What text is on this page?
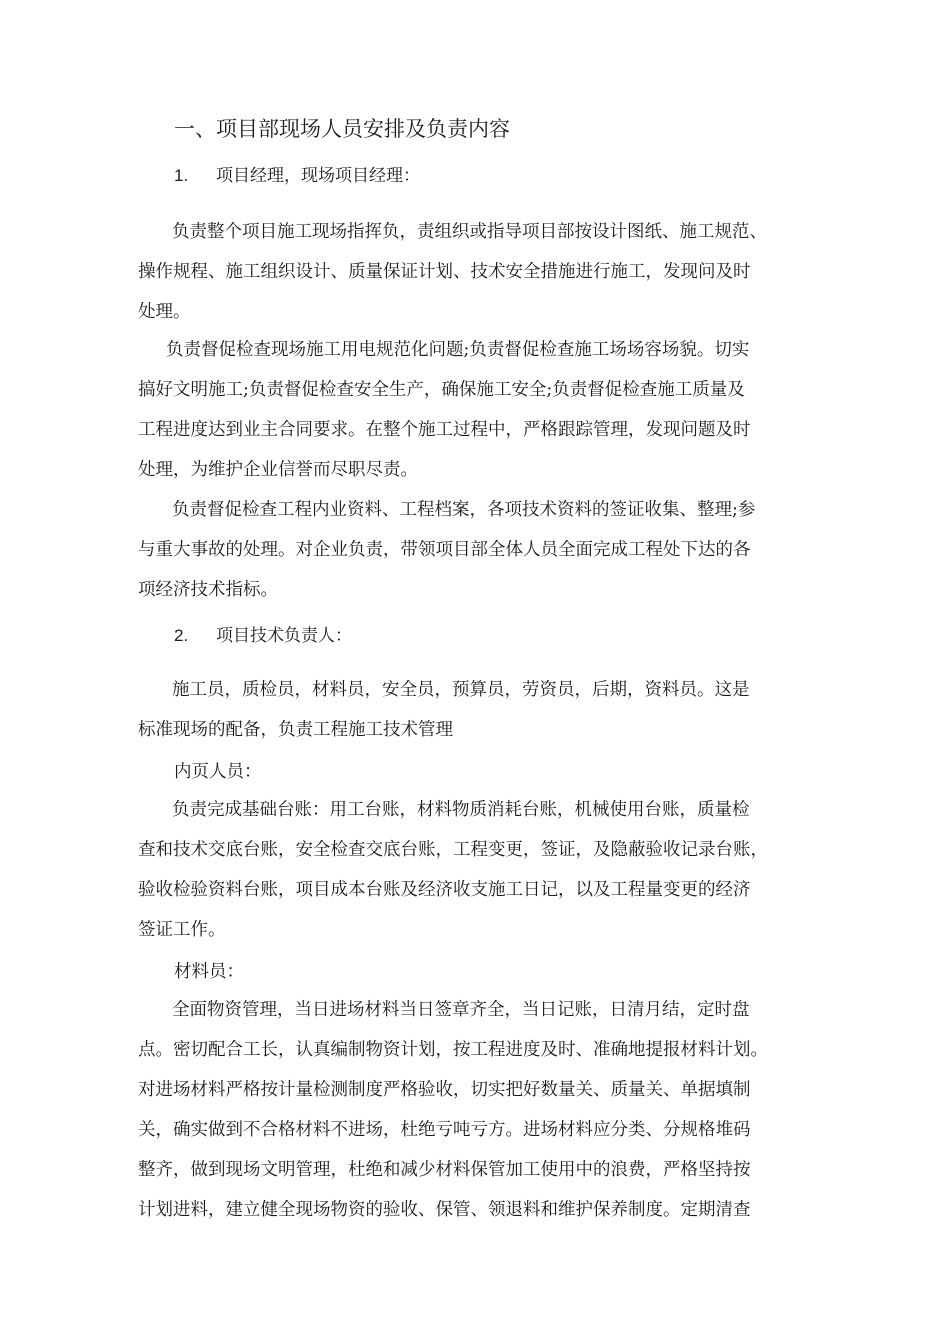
一、项目部现场人员安排及负责内容
1. 项目经理，现场项目经理：
负责整个项目施工现场指挥负，责组织或指导项目部按设计图纸、施工规范、
操作规程、施工组织设计、质量保证计划、技术安全措施进行施工，发现问及时
处理。
负责督促检查现场施工用电规范化问题;负责督促检查施工场场容场貌。切实
搞好文明施工;负责督促检查安全生产，确保施工安全;负责督促检查施工质量及
工程进度达到业主合同要求。在整个施工过程中，严格跟踪管理，发现问题及时
处理，为维护企业信誉而尽职尽责。
负责督促检查工程内业资料、工程档案，各项技术资料的签证收集、整理;参
与重大事故的处理。对企业负责，带领项目部全体人员全面完成工程处下达的各
项经济技术指标。
2. 项目技术负责人：
施工员，质检员，材料员，安全员，预算员，劳资员，后期，资料员。这是
标准现场的配备，负责工程施工技术管理
内页人员：
负责完成基础台账：用工台账，材料物质消耗台账，机械使用台账，质量检
查和技术交底台账，安全检查交底台账，工程变更，签证，及隐蔽验收记录台账，
验收检验资料台账，项目成本台账及经济收支施工日记，以及工程量变更的经济
签证工作。
材料员：
全面物资管理，当日进场材料当日签章齐全，当日记账，日清月结，定时盘
点。密切配合工长，认真编制物资计划，按工程进度及时、准确地提报材料计划。
对进场材料严格按计量检测制度严格验收，切实把好数量关、质量关、单据填制
关，确实做到不合格材料不进场，杜绝亏吨亏方。进场材料应分类、分规格堆码
整齐，做到现场文明管理，杜绝和减少材料保管加工使用中的浪费，严格坚持按
计划进料，建立健全现场物资的验收、保管、领退料和维护保养制度。定期清查
